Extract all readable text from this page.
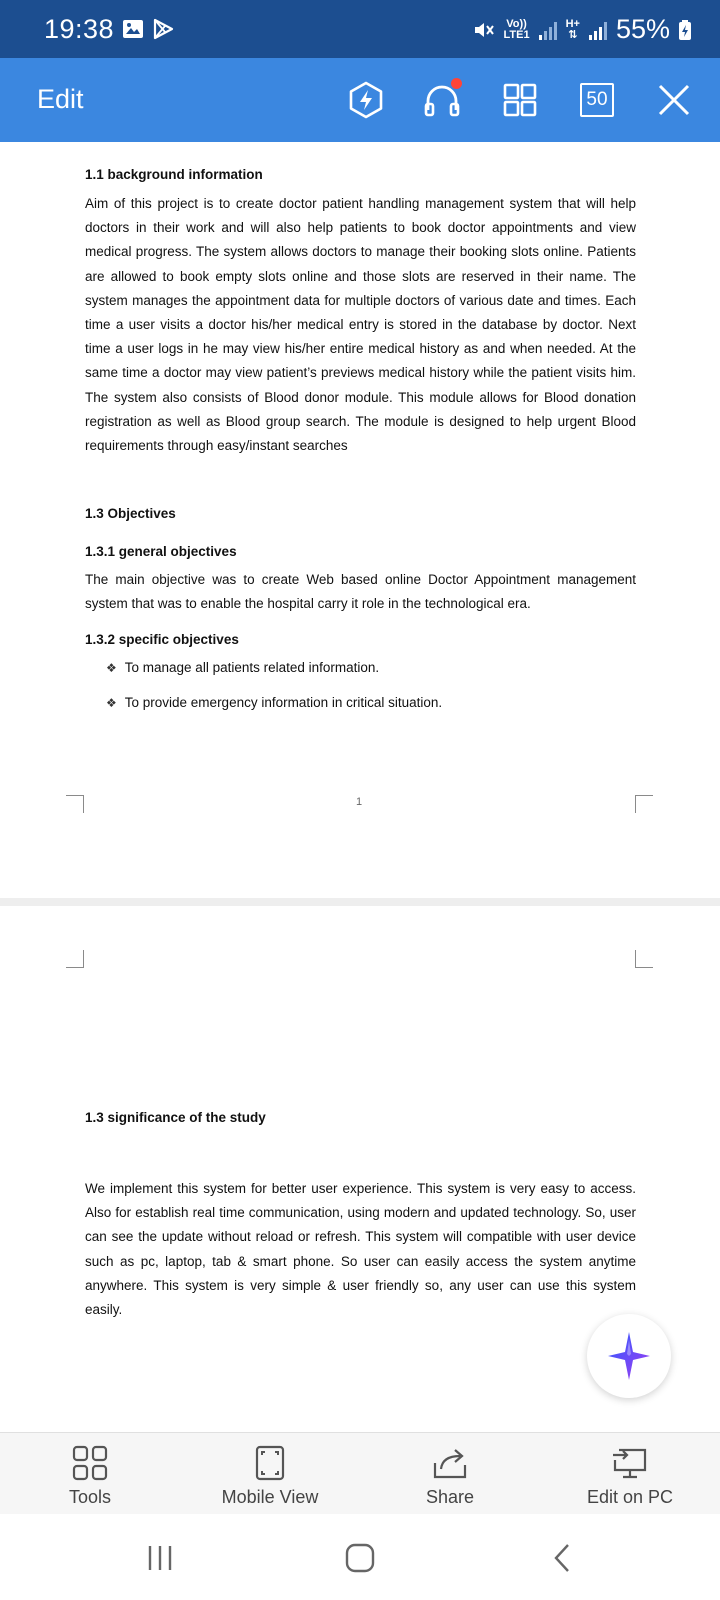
19:38	Vo))
LTE1
H+
⇅ 55%
Edit	50
1.1 background information
Aim of this project is to create doctor patient handling management system that will help doctors in their work and will also help patients to book doctor appointments and view medical progress. The system allows doctors to manage their booking slots online. Patients are allowed to book empty slots online and those slots are reserved in their name. The system manages the appointment data for multiple doctors of various date and times. Each time a user visits a doctor his/her medical entry is stored in the database by doctor. Next time a user logs in he may view his/her entire medical history as and when needed. At the same time a doctor may view patient’s previews medical history while the patient visits him. The system also consists of Blood donor module. This module allows for Blood donation registration as well as Blood group search. The module is designed to help urgent Blood requirements through easy/instant searches
1.3 Objectives
1.3.1 general objectives
The main objective was to create Web based online Doctor Appointment management system that was to enable the hospital carry it role in the technological era.
1.3.2 specific objectives
❖ To manage all patients related information.
❖ To provide emergency information in critical situation.
1
1.3 significance of the study
We implement this system for better user experience. This system is very easy to access. Also for establish real time communication, using modern and updated technology. So, user can see the update without reload or refresh. This system will compatible with user device such as pc, laptop, tab & smart phone. So user can easily access the system anytime anywhere. This system is very simple & user friendly so, any user can use this system easily.
Tools	Mobile View	Share	Edit on PC
